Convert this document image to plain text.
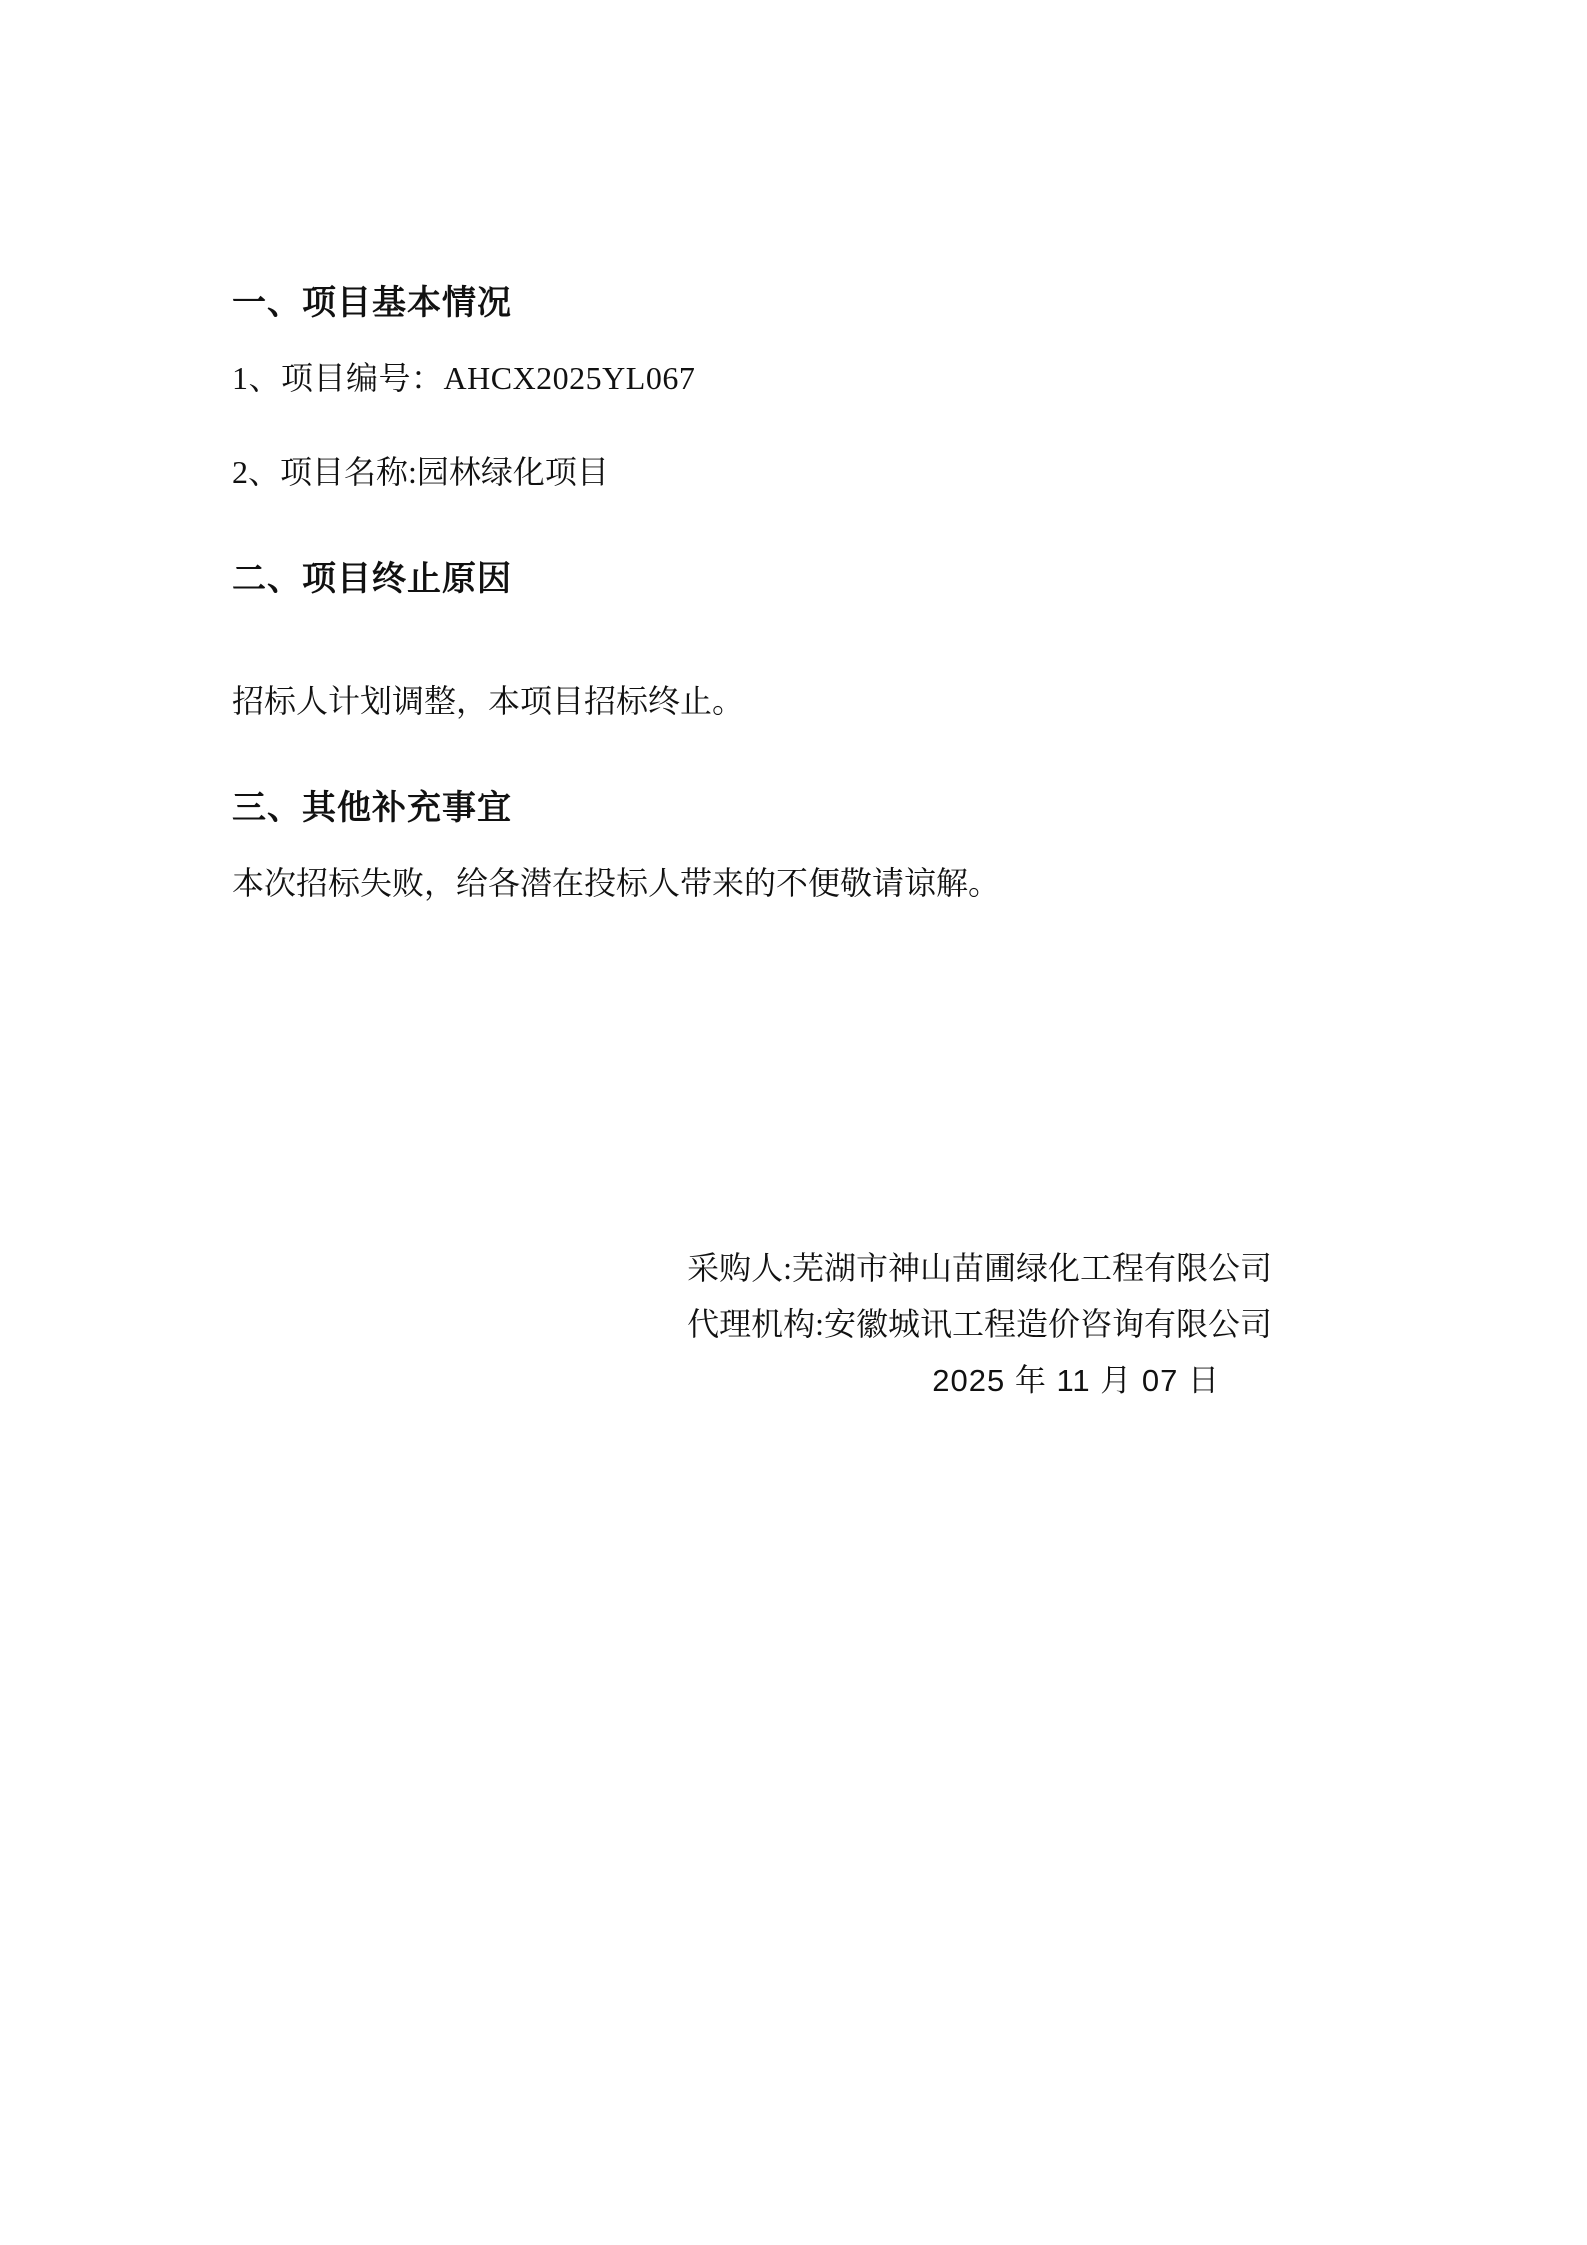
一、项目基本情况

1、项目编号：AHCX2025YL067

2、项目名称:园林绿化项目

二、项目终止原因

招标人计划调整，本项目招标终止。

三、其他补充事宜

本次招标失败，给各潜在投标人带来的不便敬请谅解。

采购人:芜湖市神山苗圃绿化工程有限公司

代理机构:安徽城讯工程造价咨询有限公司

2025 年 11 月 07 日
